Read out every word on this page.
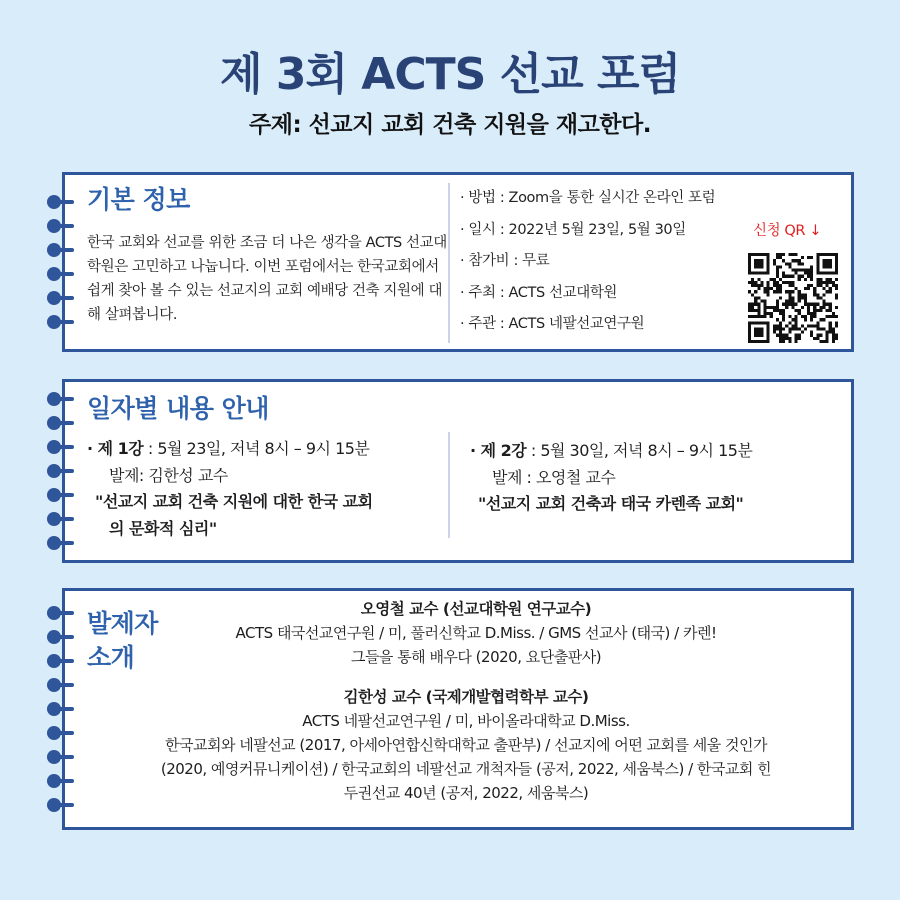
제 3회 ACTS 선교 포럼
주제: 선교지 교회 건축 지원을 재고한다.
기본 정보
한국 교회와 선교를 위한 조금 더 나은 생각을 ACTS 선교대학원은 고민하고 나눕니다. 이번 포럼에서는 한국교회에서 쉽게 찾아 볼 수 있는 선교지의 교회 예배당 건축 지원에 대해 살펴봅니다.
· 방법 : Zoom을 통한 실시간 온라인 포럼
· 일시 : 2022년 5월 23일, 5월 30일
· 참가비 : 무료
· 주최 : ACTS 선교대학원
· 주관 : ACTS 네팔선교연구원
신청 QR ↓
일자별 내용 안내
· 제 1강 : 5월 23일, 저녁 8시 – 9시 15분
발제: 김한성 교수
"선교지 교회 건축 지원에 대한 한국 교회
의 문화적 심리"
· 제 2강 : 5월 30일, 저녁 8시 – 9시 15분
발제 : 오영철 교수
"선교지 교회 건축과 태국 카렌족 교회"
발제자
소개
오영철 교수 (선교대학원 연구교수)
ACTS 태국선교연구원 / 미, 풀러신학교 D.Miss. / GMS 선교사 (태국) / 카렌!
그들을 통해 배우다 (2020, 요단출판사)
김한성 교수 (국제개발협력학부 교수)
ACTS 네팔선교연구원 / 미, 바이올라대학교 D.Miss.
한국교회와 네팔선교 (2017, 아세아연합신학대학교 출판부) / 선교지에 어떤 교회를 세울 것인가
(2020, 예영커뮤니케이션) / 한국교회의 네팔선교 개척자들 (공저, 2022, 세움북스) / 한국교회 힌
두권선교 40년 (공저, 2022, 세움북스)
